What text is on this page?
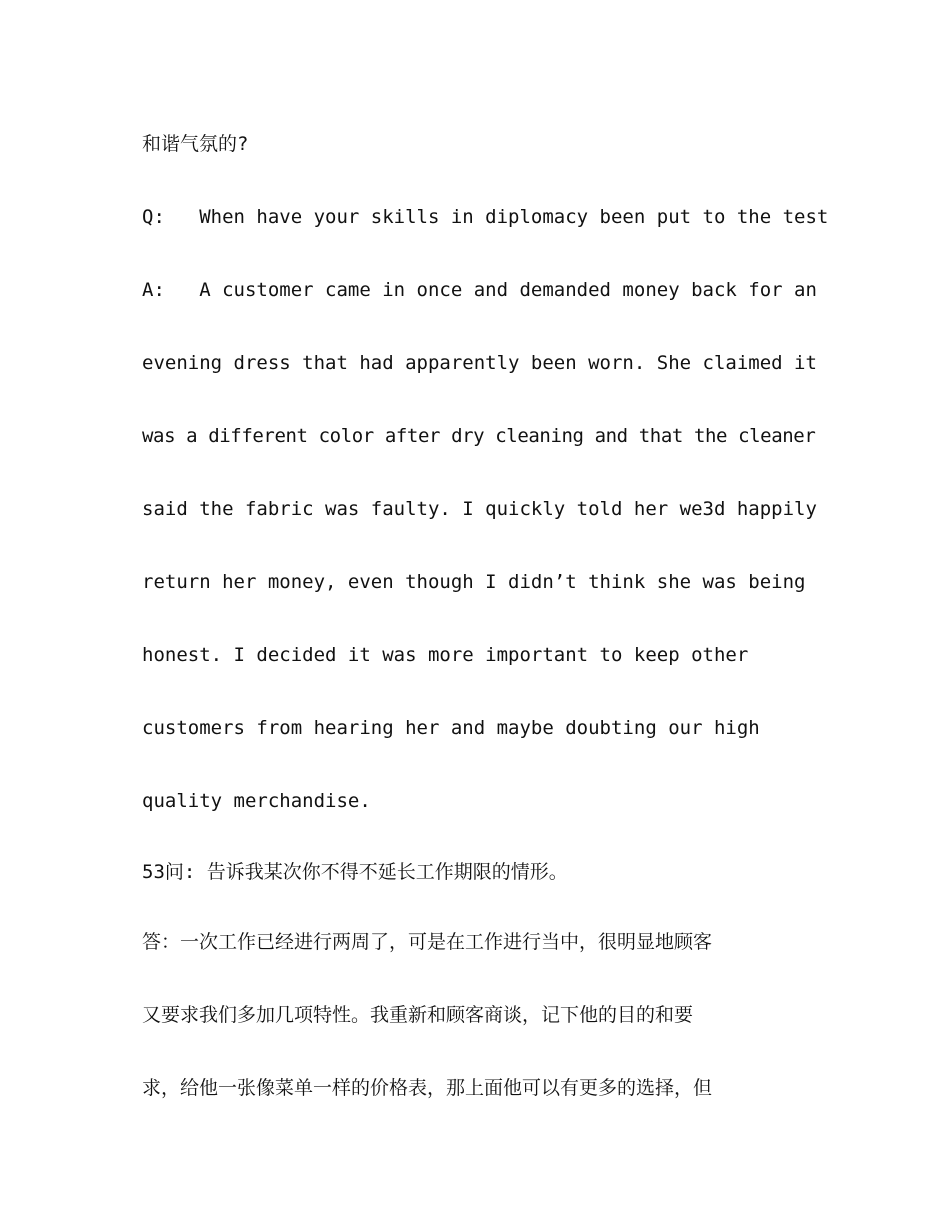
和谐气氛的?

Q:   When have your skills in diplomacy been put to the test

A:   A customer came in once and demanded money back for an

evening dress that had apparently been worn. She claimed it

was a different color after dry cleaning and that the cleaner

said the fabric was faulty. I quickly told her we3d happily

return her money, even though I didn’t think she was being

honest. I decided it was more important to keep other

customers from hearing her and maybe doubting our high

quality merchandise.

53问: 告诉我某次你不得不延长工作期限的情形。

答：一次工作已经进行两周了，可是在工作进行当中，很明显地顾客

又要求我们多加几项特性。我重新和顾客商谈，记下他的目的和要

求，给他一张像菜单一样的价格表，那上面他可以有更多的选择，但
